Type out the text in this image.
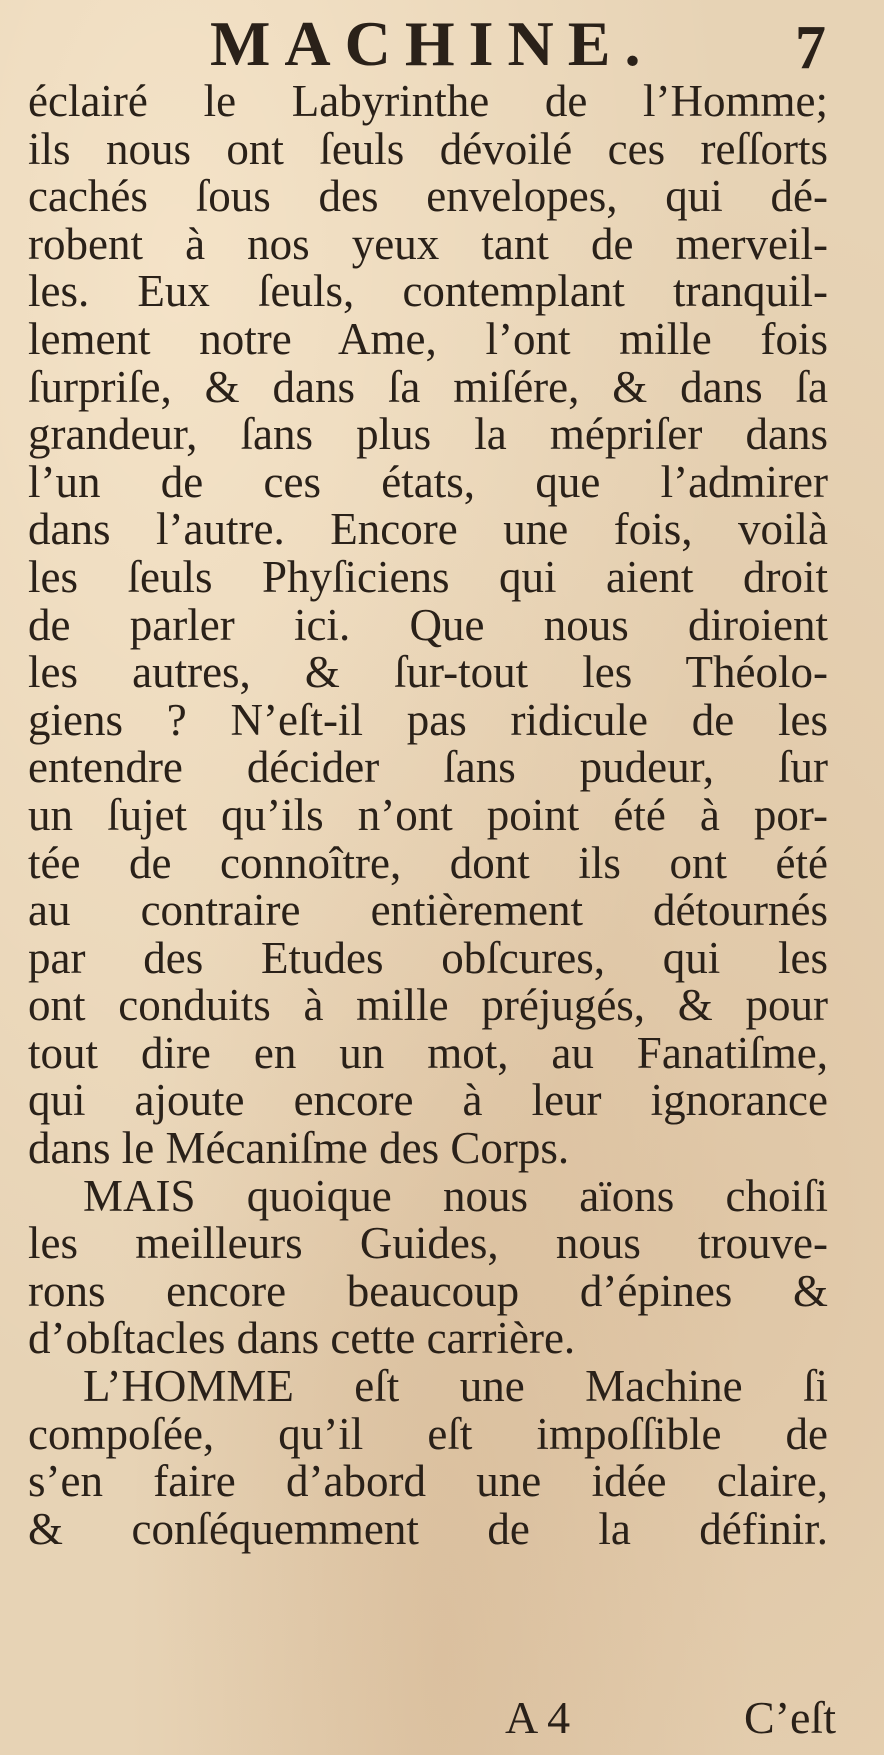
MACHINE. 7
éclairé le Labyrinthe de l’Homme;
ils nous ont ſeuls dévoilé ces reſſorts
cachés ſous des envelopes, qui dé-
robent à nos yeux tant de merveil-
les. Eux ſeuls, contemplant tranquil-
lement notre Ame, l’ont mille fois
ſurpriſe, & dans ſa miſére, & dans ſa
grandeur, ſans plus la mépriſer dans
l’un de ces états, que l’admirer
dans l’autre. Encore une fois, voilà
les ſeuls Phyſiciens qui aient droit
de parler ici. Que nous diroient
les autres, & ſur-tout les Théolo-
giens ? N’eſt-il pas ridicule de les
entendre décider ſans pudeur, ſur
un ſujet qu’ils n’ont point été à por-
tée de connoître, dont ils ont été
au contraire entièrement détournés
par des Etudes obſcures, qui les
ont conduits à mille préjugés, & pour
tout dire en un mot, au Fanatiſme,
qui ajoute encore à leur ignorance
dans le Mécaniſme des Corps.
MAIS quoique nous aïons choiſi
les meilleurs Guides, nous trouve-
rons encore beaucoup d’épines &
d’obſtacles dans cette carrière.
L’HOMME eſt une Machine ſi
compoſée, qu’il eſt impoſſible de
s’en faire d’abord une idée claire,
& conſéquemment de la définir.
A 4	C’eſt
